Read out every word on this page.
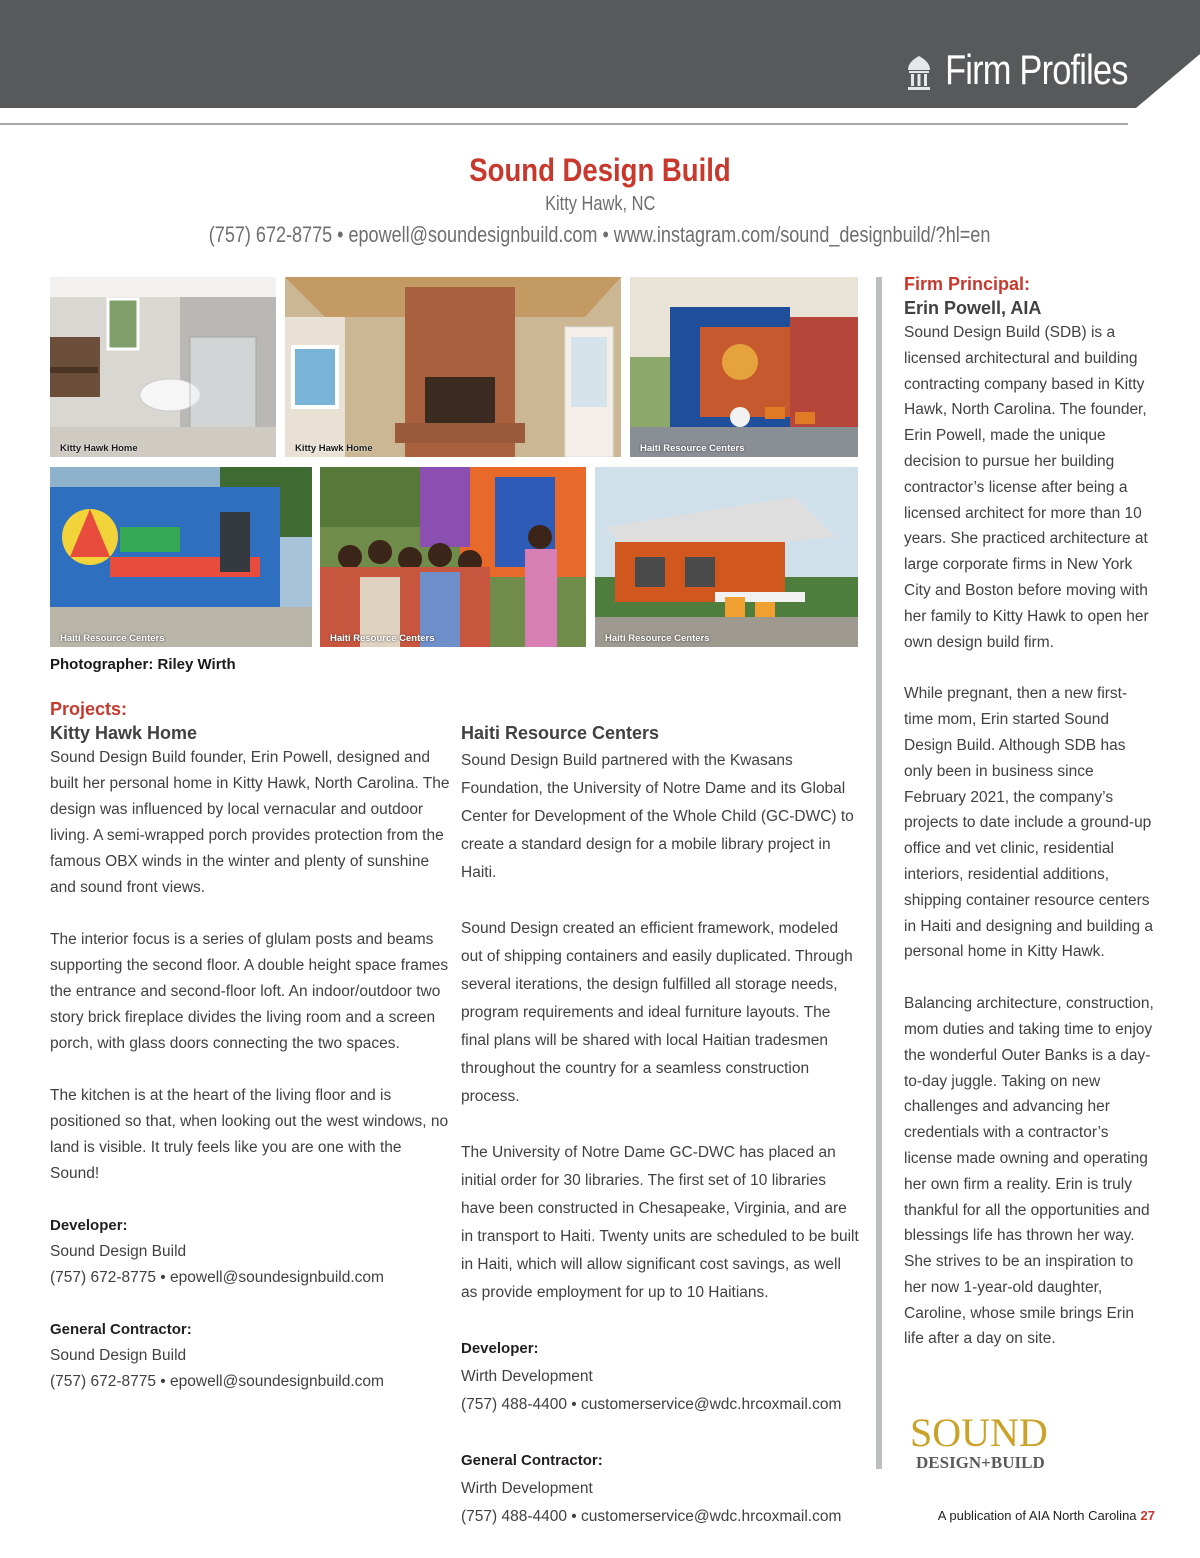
Firm Profiles
Sound Design Build
Kitty Hawk, NC
(757) 672-8775 • epowell@soundesignbuild.com • www.instagram.com/sound_designbuild/?hl=en
Kitty Hawk Home	Kitty Hawk Home	Haiti Resource Centers
Haiti Resource Centers	Haiti Resource Centers	Haiti Resource Centers
Photographer: Riley Wirth
Projects:
Kitty Hawk Home

Sound Design Build founder, Erin Powell, designed and built her personal home in Kitty Hawk, North Carolina. The design was influenced by local vernacular and outdoor living. A semi-wrapped porch provides protection from the famous OBX winds in the winter and plenty of sunshine and sound front views.

The interior focus is a series of glulam posts and beams supporting the second floor. A double height space frames the entrance and second-floor loft. An indoor/outdoor two story brick fireplace divides the living room and a screen porch, with glass doors connecting the two spaces.

The kitchen is at the heart of the living floor and is positioned so that, when looking out the west windows, no land is visible. It truly feels like you are one with the Sound!

Developer:

Sound Design Build

(757) 672-8775 • epowell@soundesignbuild.com

General Contractor:

Sound Design Build

(757) 672-8775 • epowell@soundesignbuild.com

Haiti Resource Centers

Sound Design Build partnered with the Kwasans Foundation, the University of Notre Dame and its Global Center for Development of the Whole Child (GC-DWC) to create a standard design for a mobile library project in Haiti.

Sound Design created an efficient framework, modeled out of shipping containers and easily duplicated. Through several iterations, the design fulfilled all storage needs, program requirements and ideal furniture layouts. The final plans will be shared with local Haitian tradesmen throughout the country for a seamless construction process.

The University of Notre Dame GC-DWC has placed an initial order for 30 libraries. The first set of 10 libraries have been constructed in Chesapeake, Virginia, and are in transport to Haiti. Twenty units are scheduled to be built in Haiti, which will allow significant cost savings, as well as provide employment for up to 10 Haitians.

Developer:

Wirth Development

(757) 488-4400 • customerservice@wdc.hrcoxmail.com

General Contractor:

Wirth Development

(757) 488-4400 • customerservice@wdc.hrcoxmail.com

Firm Principal:
Erin Powell, AIA

Sound Design Build (SDB) is a licensed architectural and building contracting company based in Kitty Hawk, North Carolina. The founder, Erin Powell, made the unique decision to pursue her building contractor’s license after being a licensed architect for more than 10 years. She practiced architecture at large corporate firms in New York City and Boston before moving with her family to Kitty Hawk to open her own design build firm.

While pregnant, then a new first-time mom, Erin started Sound Design Build. Although SDB has only been in business since February 2021, the company’s projects to date include a ground-up office and vet clinic, residential interiors, residential additions, shipping container resource centers in Haiti and designing and building a personal home in Kitty Hawk.

Balancing architecture, construction, mom duties and taking time to enjoy the wonderful Outer Banks is a day-to-day juggle. Taking on new challenges and advancing her credentials with a contractor’s license made owning and operating her own firm a reality. Erin is truly thankful for all the opportunities and blessings life has thrown her way. She strives to be an inspiration to her now 1-year-old daughter, Caroline, whose smile brings Erin life after a day on site.

SOUND
DESIGN+BUILD
A publication of AIA North Carolina 27
